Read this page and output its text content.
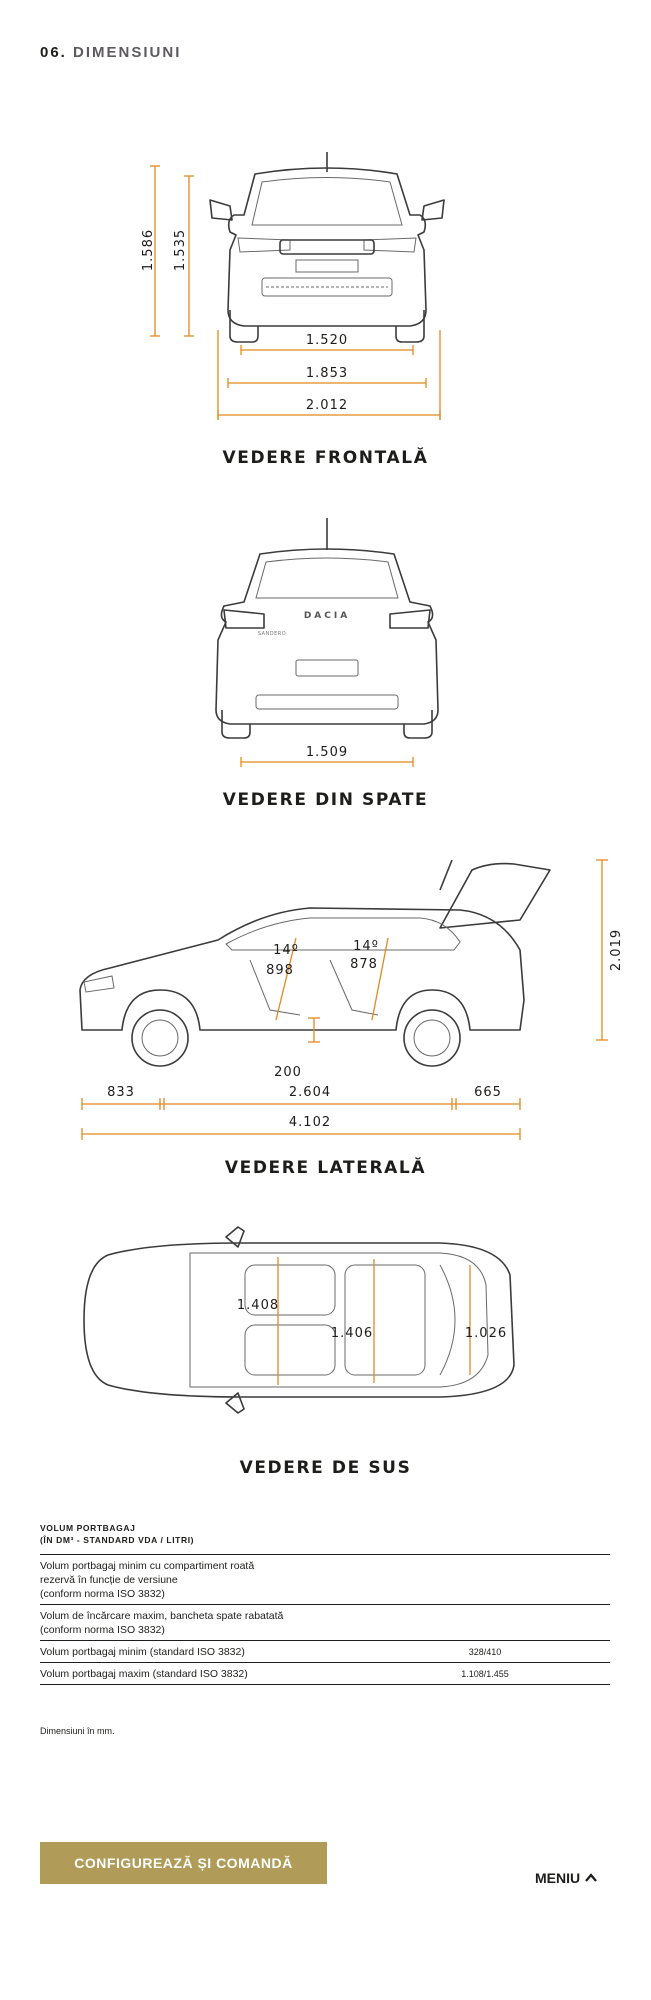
06. DIMENSIUNI
1.586 1.535
1.520
1.853
2.012
VEDERE FRONTALĂ
DACIA
SANDERO
1.509
VEDERE DIN SPATE
14º
898
14º
878
200
833	2.604	665
4.102
2.019
VEDERE LATERALĂ
1.408
1.406	1.026
VEDERE DE SUS
VOLUM PORTBAGAJ
(ÎN DM³ - STANDARD VDA / LITRI)
Volum portbagaj minim cu compartiment roată
rezervă în funcție de versiune
(conform norma ISO 3832)
Volum de încărcare maxim, bancheta spate rabatată
(conform norma ISO 3832)
Volum portbagaj minim (standard ISO 3832)	328/410
Volum portbagaj maxim (standard ISO 3832)	1.108/1.455
Dimensiuni în mm.
CONFIGUREAZĂ ȘI COMANDĂ
MENIU
